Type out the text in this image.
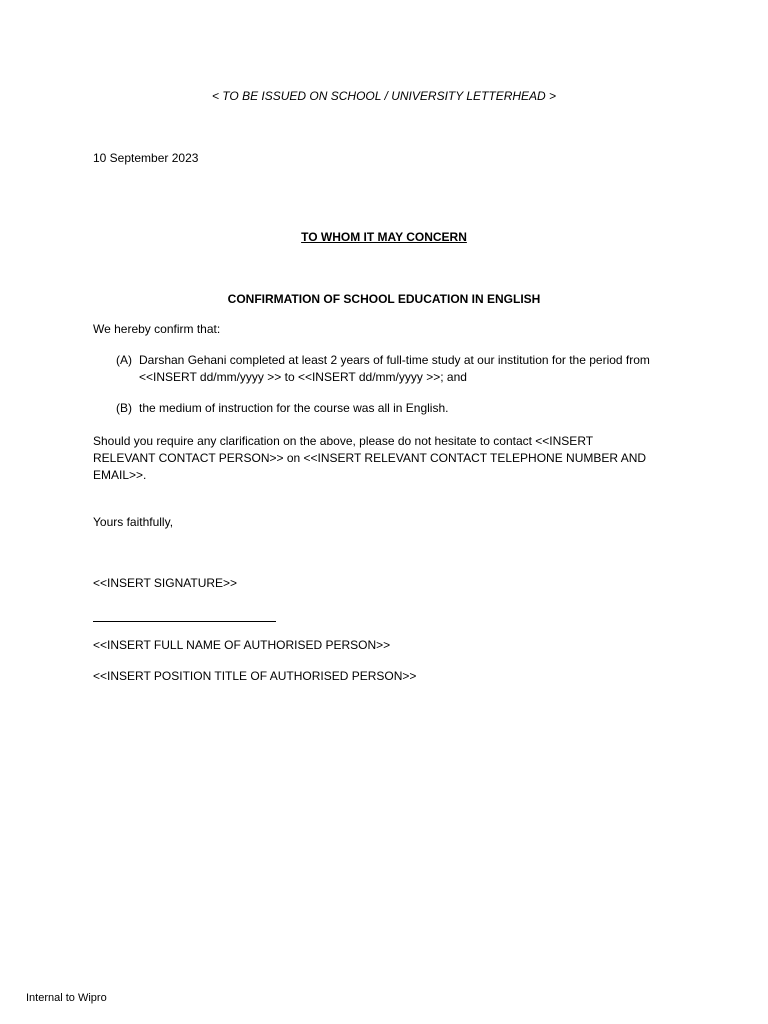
< TO BE ISSUED ON SCHOOL / UNIVERSITY LETTERHEAD >
10 September 2023
TO WHOM IT MAY CONCERN
CONFIRMATION OF SCHOOL EDUCATION IN ENGLISH
We hereby confirm that:
(A) Darshan Gehani completed at least 2 years of full-time study at our institution for the period from <<INSERT dd/mm/yyyy >> to <<INSERT dd/mm/yyyy >>; and
(B) the medium of instruction for the course was all in English.
Should you require any clarification on the above, please do not hesitate to contact <<INSERT RELEVANT CONTACT PERSON>> on <<INSERT RELEVANT CONTACT TELEPHONE NUMBER AND EMAIL>>.
Yours faithfully,
<<INSERT SIGNATURE>>
<<INSERT FULL NAME OF AUTHORISED PERSON>>
<<INSERT POSITION TITLE OF AUTHORISED PERSON>>
Internal to Wipro
